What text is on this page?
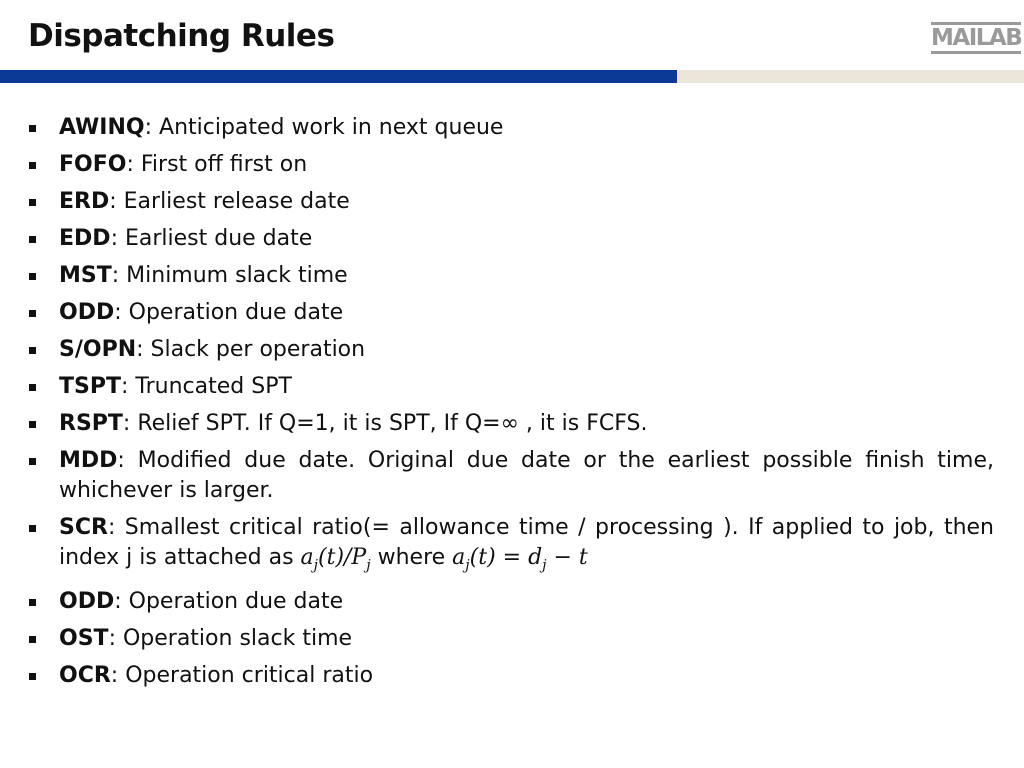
Dispatching Rules	MAILAB
AWINQ: Anticipated work in next queue
FOFO: First off first on
ERD: Earliest release date
EDD: Earliest due date
MST: Minimum slack time
ODD: Operation due date
S/OPN: Slack per operation
TSPT: Truncated SPT
RSPT: Relief SPT. If Q=1, it is SPT, If Q=∞ , it is FCFS.
MDD: Modified due date. Original due date or the earliest possible finish time, whichever is larger.
SCR: Smallest critical ratio(= allowance time / processing ). If applied to job, then index j is attached as $a_j(t)/P_j$ where $a_j(t) = d_j - t$
ODD: Operation due date
OST: Operation slack time
OCR: Operation critical ratio
